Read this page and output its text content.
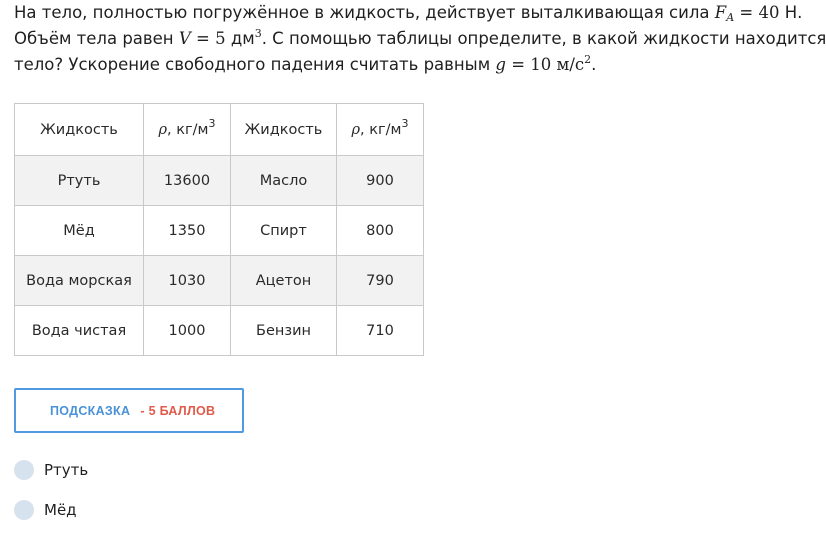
На тело, полностью погружённое в жидкость, действует выталкивающая сила $F_A = 40$ Н.
Объём тела равен V = 5 $дм^3$. С помощью таблицы определите, в какой жидкости находится
тело? Ускорение свободного падения считать равным g = 10 $м/с^2$.
Жидкость	ρ, $кг/м^3$	Жидкость	ρ, $кг/м^3$
Ртуть	13600	Масло	900
Мёд	1350	Спирт	800
Вода морская	1030	Ацетон	790
Вода чистая	1000	Бензин	710
ПОДСКАЗКА - 5 БАЛЛОВ
Ртуть
Мёд
